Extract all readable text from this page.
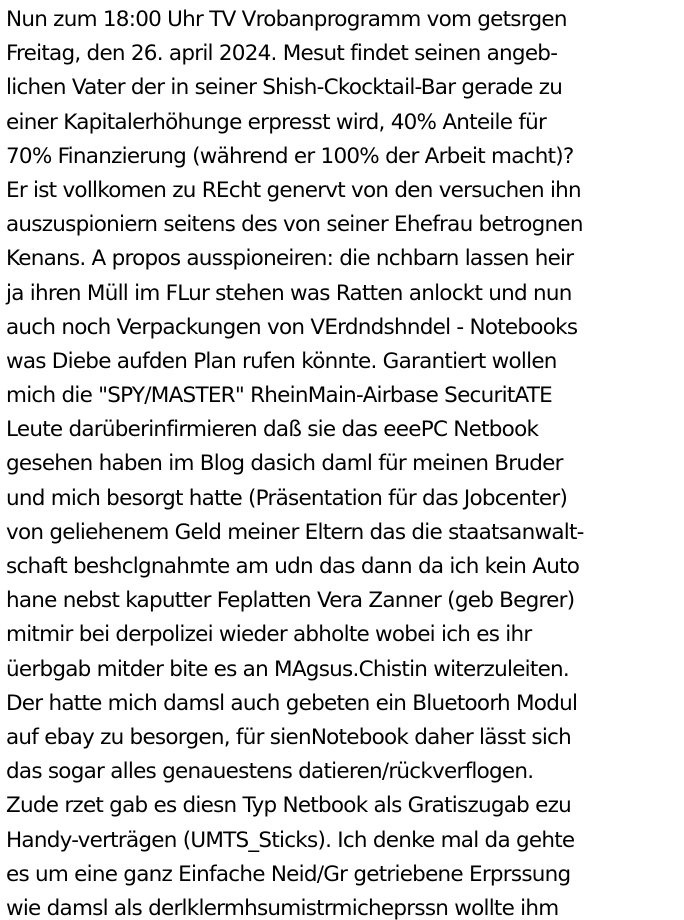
Nun zum 18:00 Uhr TV Vrobanprogramm vom getsrgen
Freitag, den 26. april 2024. Mesut findet seinen angeb-
lichen Vater der in seiner Shish-Ckocktail-Bar gerade zu
einer Kapitalerhöhunge erpresst wird, 40% Anteile für
70% Finanzierung (während er 100% der Arbeit macht)?
Er ist vollkomen zu REcht genervt von den versuchen ihn
auszuspioniern seitens des von seiner Ehefrau betrognen
Kenans. A propos ausspioneiren: die nchbarn lassen heir
ja ihren Müll im FLur stehen was Ratten anlockt und nun
auch noch Verpackungen von VErdndshndel - Notebooks
was Diebe aufden Plan rufen könnte. Garantiert wollen
mich die "SPY/MASTER" RheinMain-Airbase SecuritATE
Leute darüberinfirmieren daß sie das eeePC Netbook
gesehen haben im Blog dasich daml für meinen Bruder
und mich besorgt hatte (Präsentation für das Jobcenter)
von geliehenem Geld meiner Eltern das die staatsanwalt-
schaft beshclgnahmte am udn das dann da ich kein Auto
hane nebst kaputter Feplatten Vera Zanner (geb Begrer)
mitmir bei derpolizei wieder abholte wobei ich es ihr
üerbgab mitder bite es an MAgsus.Chistin witerzuleiten.
Der hatte mich damsl auch gebeten ein Bluetoorh Modul
auf ebay zu besorgen, für sienNotebook daher lässt sich
das sogar alles genauestens datieren/rückverflogen.
Zude rzet gab es diesn Typ Netbook als Gratiszugab ezu
Handy-verträgen (UMTS_Sticks). Ich denke mal da gehte
es um eine ganz Einfache Neid/Gr getriebene Erprssung
wie damsl als derlklermhsumistrmichepr​ssn wollte ihm
